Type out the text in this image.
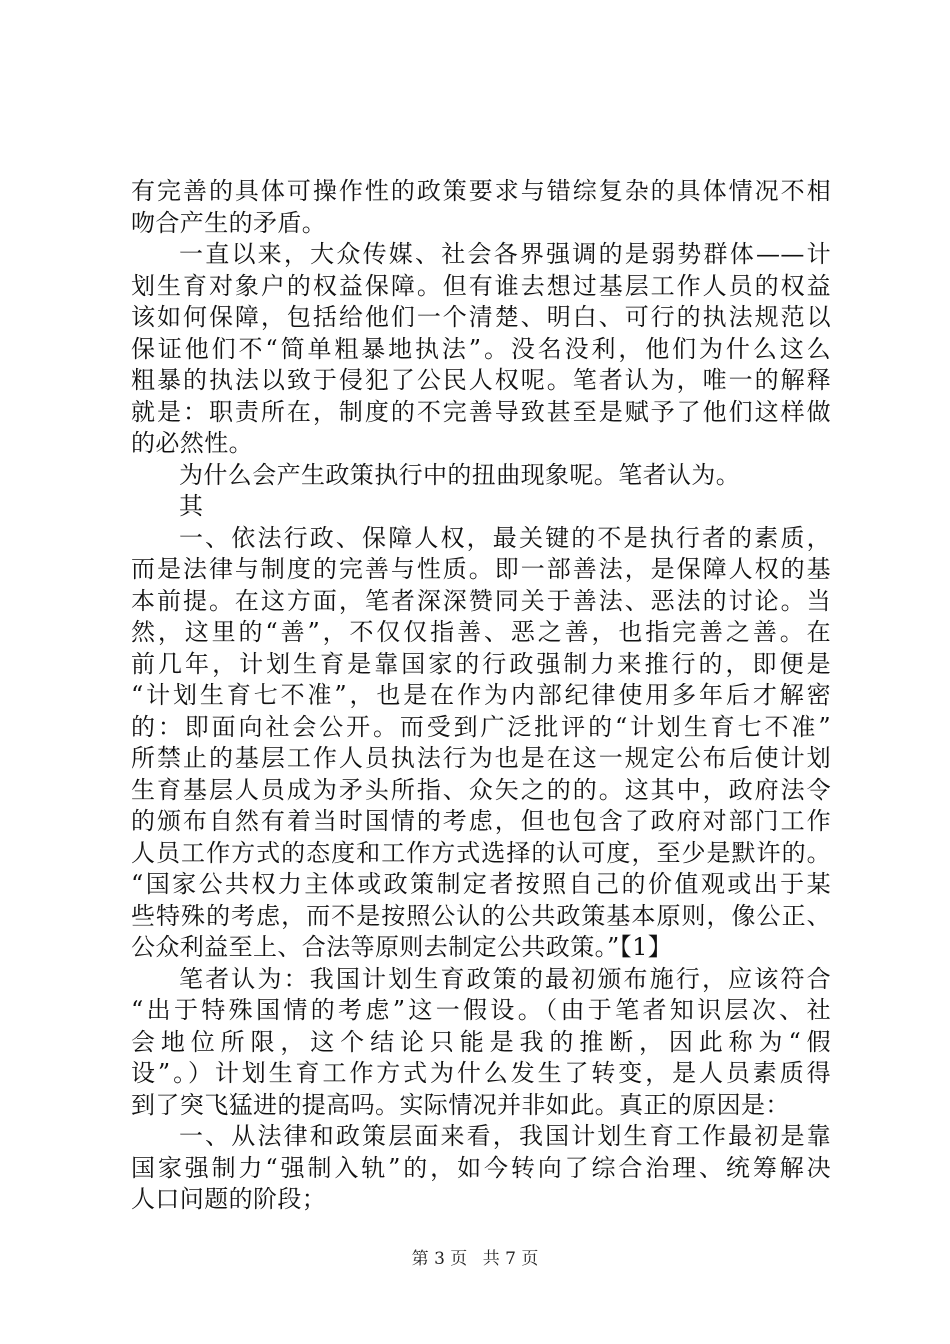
有完善的具体可操作性的政策要求与错综复杂的具体情况不相
吻合产生的矛盾。
一直以来，大众传媒、社会各界强调的是弱势群体——计
划生育对象户的权益保障。但有谁去想过基层工作人员的权益
该如何保障，包括给他们一个清楚、明白、可行的执法规范以
保证他们不“简单粗暴地执法”。没名没利，他们为什么这么
粗暴的执法以致于侵犯了公民人权呢。笔者认为，唯一的解释
就是：职责所在，制度的不完善导致甚至是赋予了他们这样做
的必然性。
为什么会产生政策执行中的扭曲现象呢。笔者认为。
其
一、依法行政、保障人权，最关键的不是执行者的素质，
而是法律与制度的完善与性质。即一部善法，是保障人权的基
本前提。在这方面，笔者深深赞同关于善法、恶法的讨论。当
然，这里的“善”，不仅仅指善、恶之善，也指完善之善。在
前几年，计划生育是靠国家的行政强制力来推行的，即便是
“计划生育七不准”，也是在作为内部纪律使用多年后才解密
的：即面向社会公开。而受到广泛批评的“计划生育七不准”
所禁止的基层工作人员执法行为也是在这一规定公布后使计划
生育基层人员成为矛头所指、众矢之的的。这其中，政府法令
的颁布自然有着当时国情的考虑，但也包含了政府对部门工作
人员工作方式的态度和工作方式选择的认可度，至少是默许的。
“国家公共权力主体或政策制定者按照自己的价值观或出于某
些特殊的考虑，而不是按照公认的公共政策基本原则，像公正、
公众利益至上、合法等原则去制定公共政策。”【1】
笔者认为：我国计划生育政策的最初颁布施行，应该符合
“出于特殊国情的考虑”这一假设。（由于笔者知识层次、社
会地位所限，这个结论只能是我的推断，因此称为“假
设”。）计划生育工作方式为什么发生了转变，是人员素质得
到了突飞猛进的提高吗。实际情况并非如此。真正的原因是：
一、从法律和政策层面来看，我国计划生育工作最初是靠
国家强制力“强制入轨”的，如今转向了综合治理、统筹解决
人口问题的阶段；
第 3 页 共 7 页
